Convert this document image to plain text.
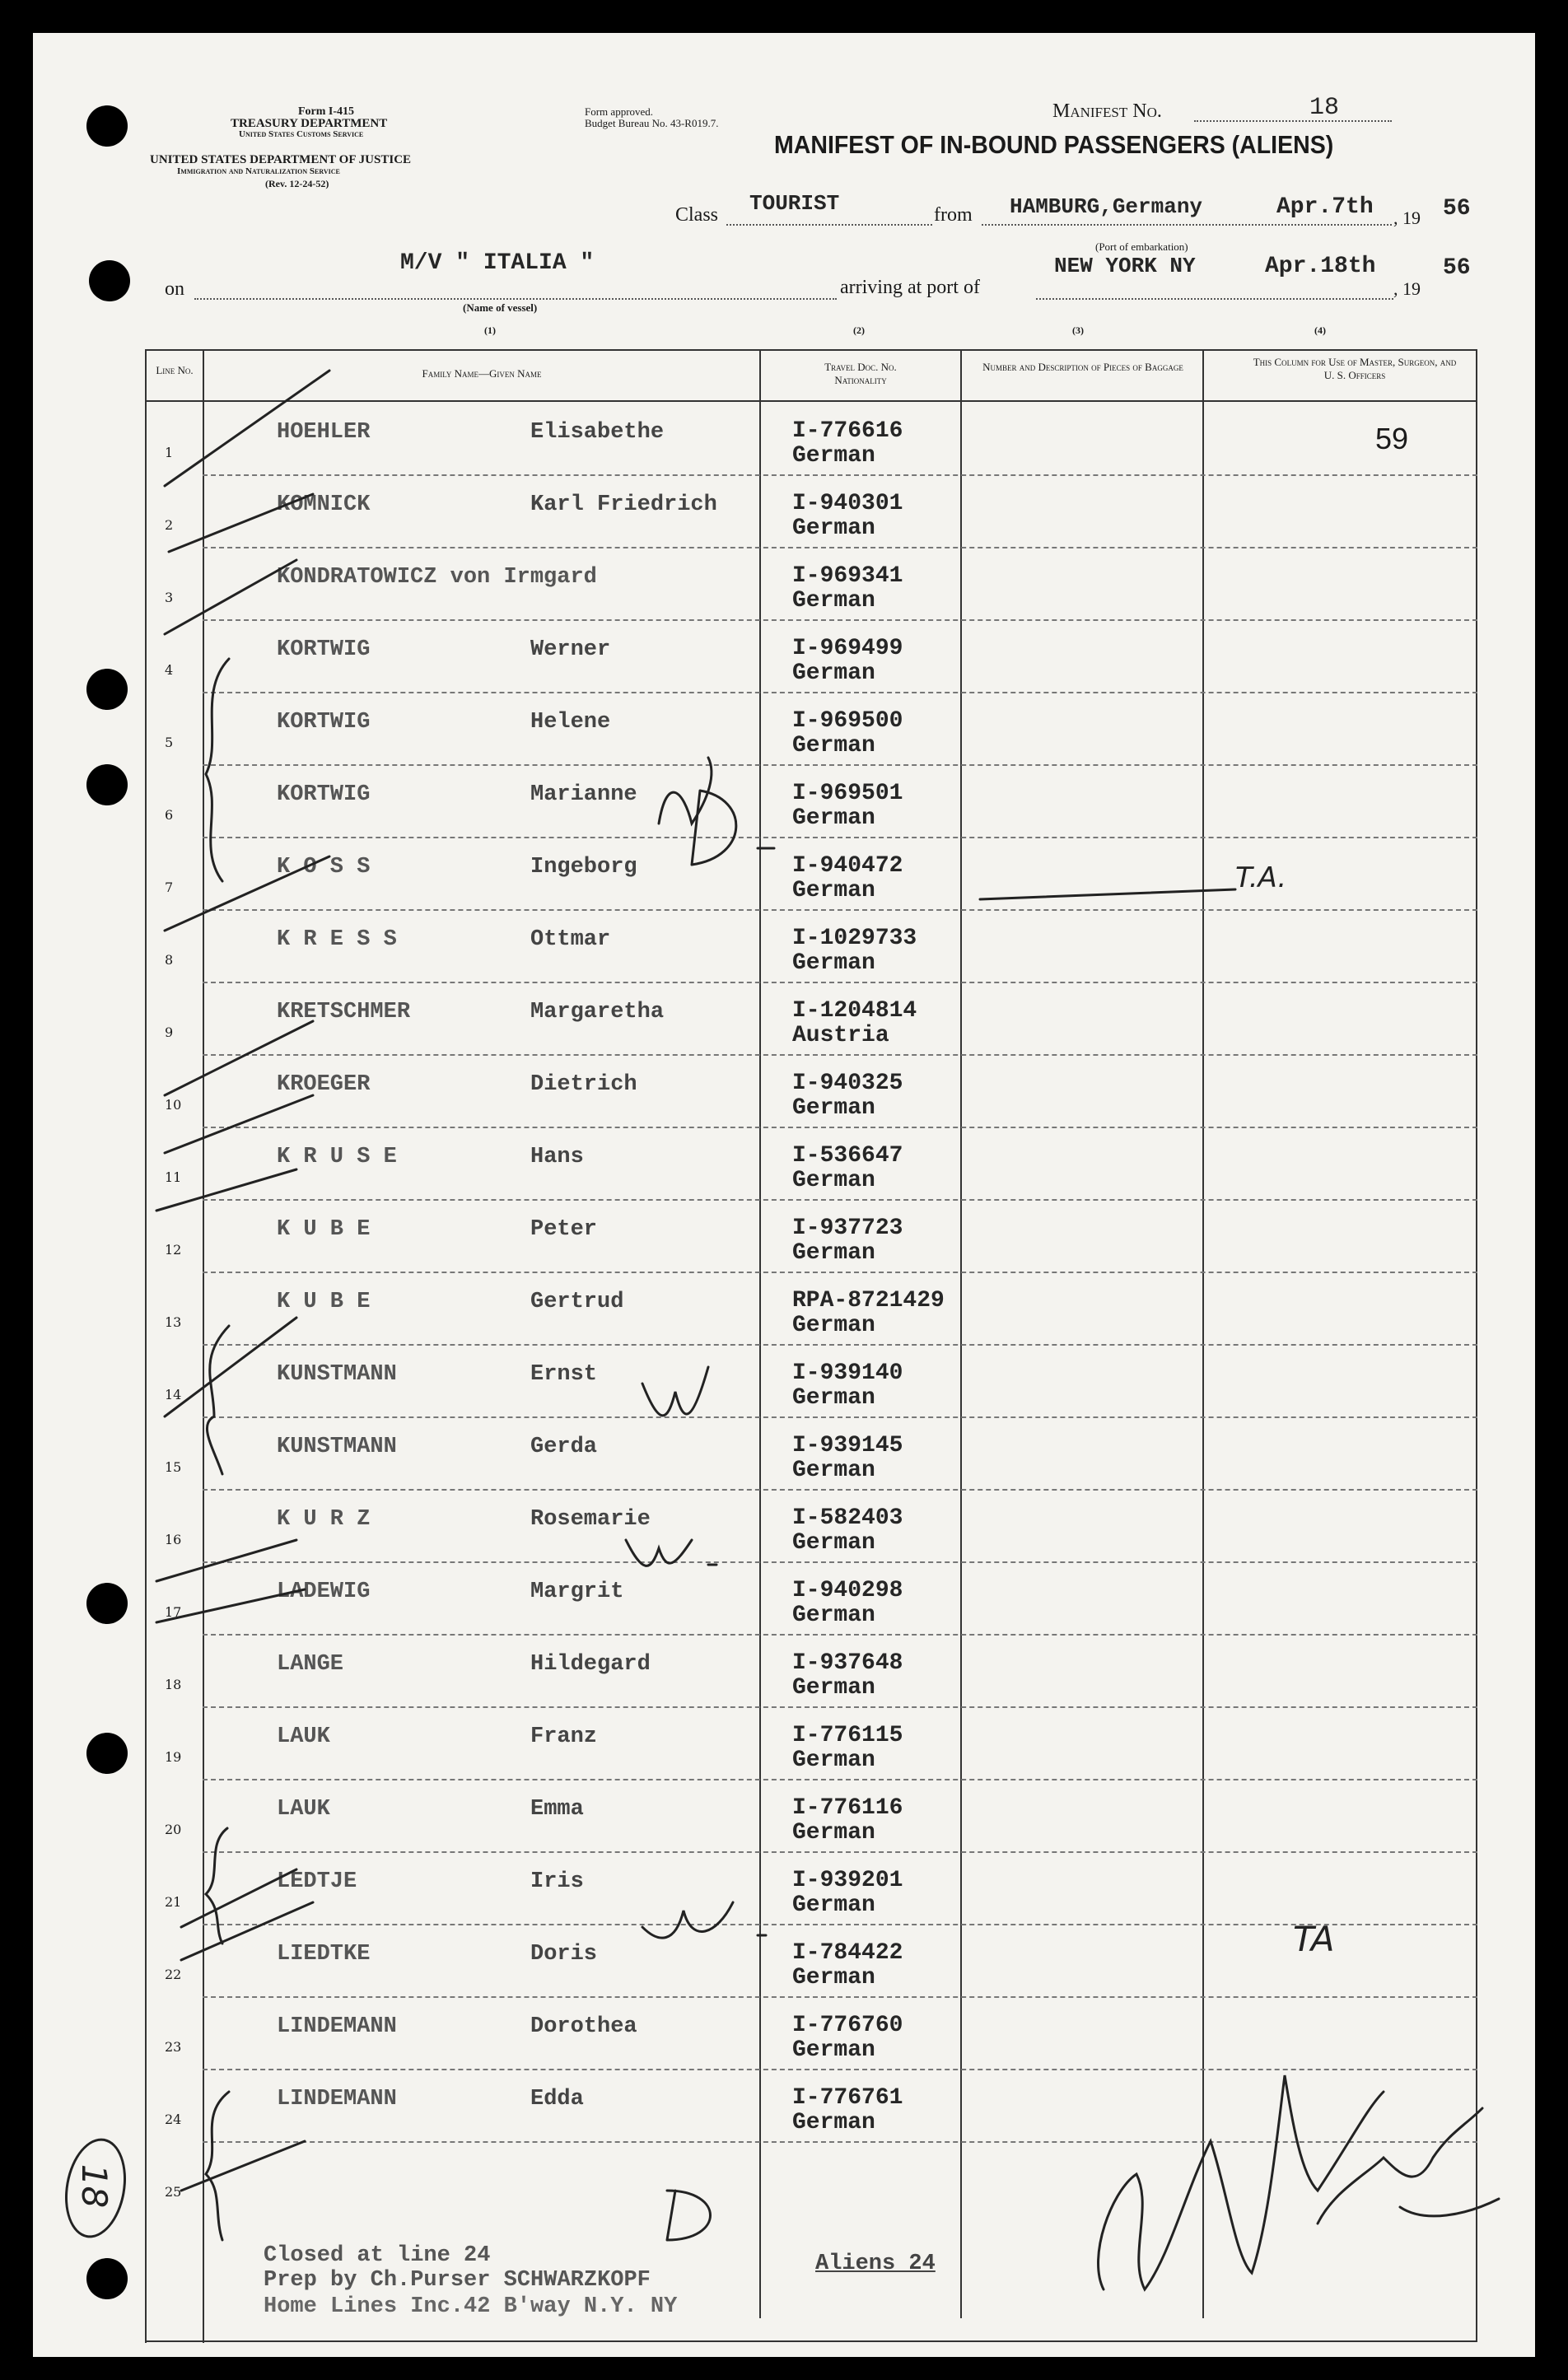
Form I-415
TREASURY DEPARTMENT
United States Customs Service
UNITED STATES DEPARTMENT OF JUSTICE
Immigration and Naturalization Service
(Rev. 12-24-52)
Form approved.
Budget Bureau No. 43-R019.7.
Manifest No.	18
MANIFEST OF IN-BOUND PASSENGERS (ALIENS)
Class TOURIST	from HAMBURG,Germany	Apr.7th , 19 56
(Port of embarkation)
on
M/V " ITALIA "
arriving at port of
NEW YORK NY	Apr.18th
, 19
56
(Name of vessel)
(1)	(2)	(3)	(4)
Line No.	Family Name—Given Name
Travel Doc. No. Nationality
Number and Description of Pieces of Baggage	This Column for Use of Master, Surgeon, and U. S. Officers
1
HOEHLER	Elisabethe	I-776616
German
2
KOMNICK	Karl Friedrich	I-940301
German
3
KONDRATOWICZ von Irmgard	I-969341
German
4
KORTWIG	Werner	I-969499
German
5
KORTWIG	Helene	I-969500
German
6
KORTWIG	Marianne	I-969501
German
7
K O S S	Ingeborg	I-940472
German
8
K R E S S	Ottmar	I-1029733
German
9
KRETSCHMER	Margaretha	I-1204814
Austria
10
KROEGER	Dietrich	I-940325
German
11
K R U S E	Hans	I-536647
German
12
K U B E	Peter	I-937723
German
13
K U B E	Gertrud	RPA-8721429
German
14
KUNSTMANN	Ernst	I-939140
German
15
KUNSTMANN	Gerda	I-939145
German
16
K U R Z	Rosemarie	I-582403
German
17
LADEWIG	Margrit	I-940298
German
18
LANGE	Hildegard	I-937648
German
19
LAUK	Franz	I-776115
German
20
LAUK	Emma	I-776116
German
21
LEDTJE	Iris	I-939201
German
22
LIEDTKE	Doris	I-784422
German
23
LINDEMANN	Dorothea	I-776760
German
24
LINDEMANN	Edda	I-776761
German
25
Closed at line 24
Prep by Ch.Purser SCHWARZKOPF
Home Lines Inc.42 B'way N.Y. NY
Aliens 24
59
T.A.
TA
18
